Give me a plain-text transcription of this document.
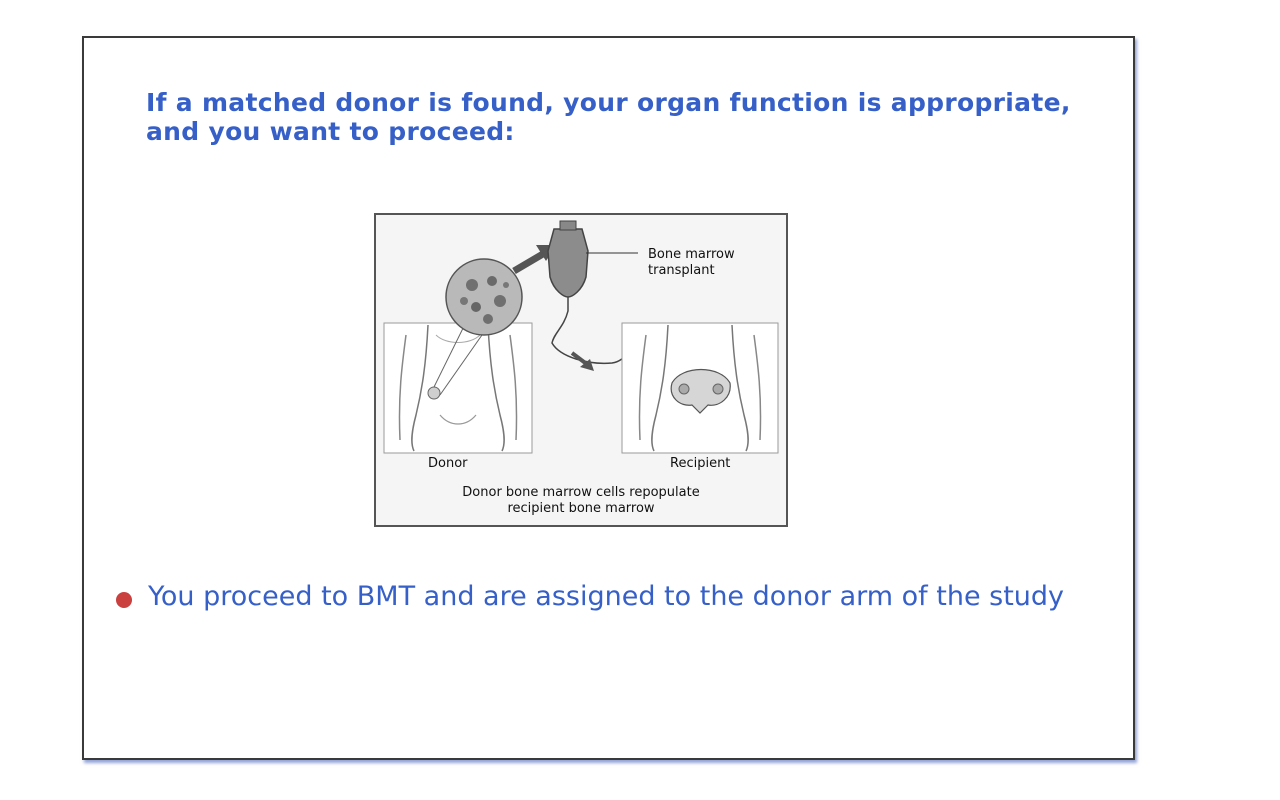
If a matched donor is found, your organ function is appropriate, and you want to proceed:
Bone marrow
transplant
Donor	Recipient
Donor bone marrow cells repopulate
recipient bone marrow

You proceed to BMT and are assigned to the donor arm of the study
